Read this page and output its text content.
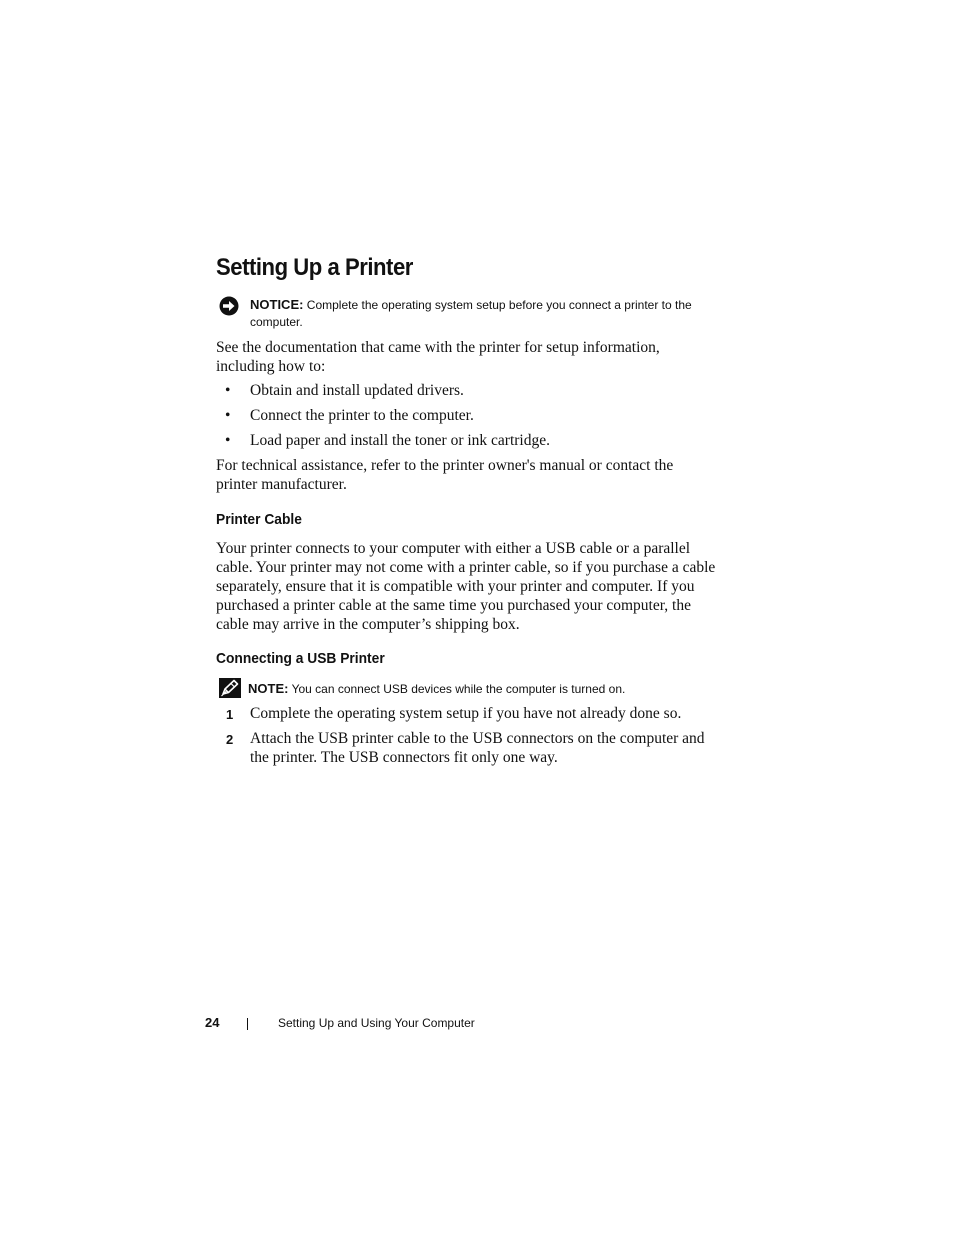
Setting Up a Printer
NOTICE: Complete the operating system setup before you connect a printer to the computer.

See the documentation that came with the printer for setup information, including how to:

• Obtain and install updated drivers.
• Connect the printer to the computer.
• Load paper and install the toner or ink cartridge.

For technical assistance, refer to the printer owner's manual or contact the printer manufacturer.

Printer Cable

Your printer connects to your computer with either a USB cable or a parallel cable. Your printer may not come with a printer cable, so if you purchase a cable separately, ensure that it is compatible with your printer and computer. If you purchased a printer cable at the same time you purchased your computer, the cable may arrive in the computer’s shipping box.

Connecting a USB Printer
NOTE: You can connect USB devices while the computer is turned on.
1 Complete the operating system setup if you have not already done so.
2 Attach the USB printer cable to the USB connectors on the computer and the printer. The USB connectors fit only one way.
24	Setting Up and Using Your Computer
